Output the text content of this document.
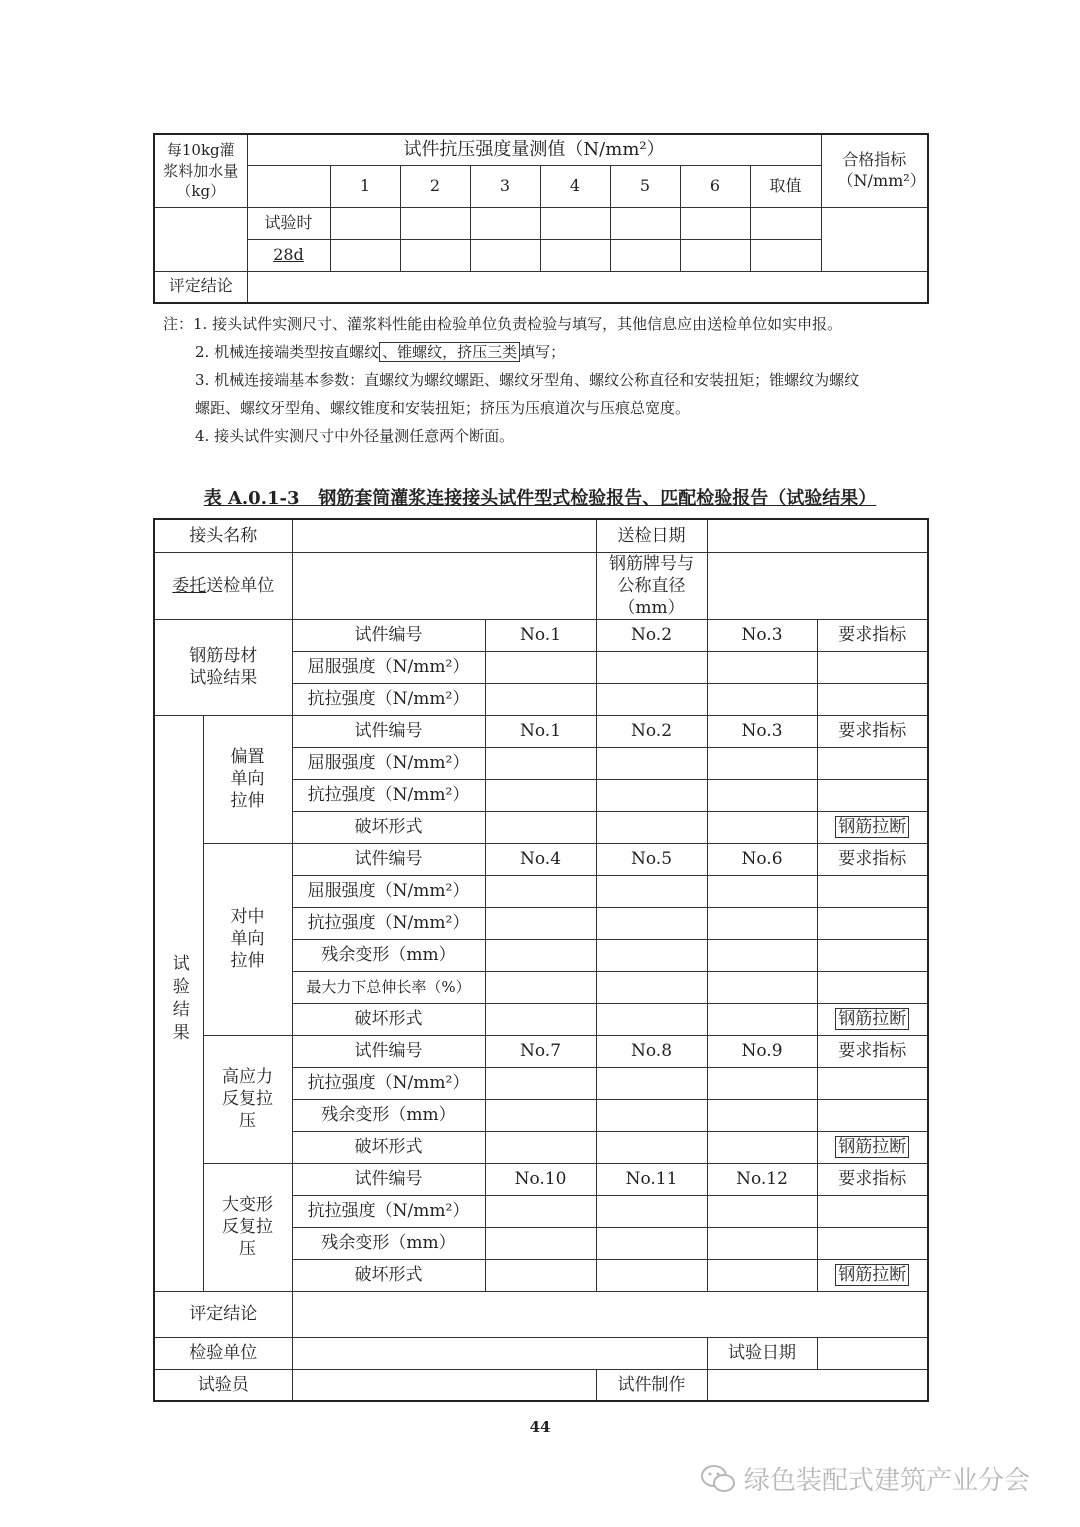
每10kg灌浆料加水量（kg）	试件抗压强度量测值（N/mm²）								合格指标（N/mm²）
		1	2	3	4	5	6	取值	
	试验时								
	28d								
评定结论									
注：1. 接头试件实测尺寸、灌浆料性能由检验单位负责检验与填写，其他信息应由送检单位如实申报。
2. 机械连接端类型按直螺纹 、锥螺纹，挤压三类 填写；
3. 机械连接端基本参数：直螺纹为螺纹螺距、螺纹牙型角、螺纹公称直径和安装扭矩；锥螺纹为螺纹
螺距、螺纹牙型角、螺纹锥度和安装扭矩；挤压为压痕道次与压痕总宽度。
4. 接头试件实测尺寸中外径量测任意两个断面。
表 A.0.1-3 钢筋套筒灌浆连接接头试件型式检验报告、匹配检验报告（试验结果）
接头名称				送检日期		
委托送检单位				钢筋牌号与公称直径（mm）		
钢筋母材试验结果		试件编号	No.1	No.2	No.3	要求指标
		屈服强度（N/mm²）				
		抗拉强度（N/mm²）				
试验结果	偏置单向拉伸	试件编号	No.1	No.2	No.3	要求指标
		屈服强度（N/mm²）				
		抗拉强度（N/mm²）				
		破坏形式				钢筋拉断
	对中单向拉伸	试件编号	No.4	No.5	No.6	要求指标
		屈服强度（N/mm²）				
		抗拉强度（N/mm²）				
		残余变形（mm）				
		最大力下总伸长率（%）				
		破坏形式				钢筋拉断
	高应力反复拉压	试件编号	No.7	No.8	No.9	要求指标
		抗拉强度（N/mm²）				
		残余变形（mm）				
		破坏形式				钢筋拉断
	大变形反复拉压	试件编号	No.10	No.11	No.12	要求指标
		抗拉强度（N/mm²）				
		残余变形（mm）				
		破坏形式				钢筋拉断
评定结论						
检验单位					试验日期	
试验员				试件制作		
44
绿色装配式建筑产业分会
